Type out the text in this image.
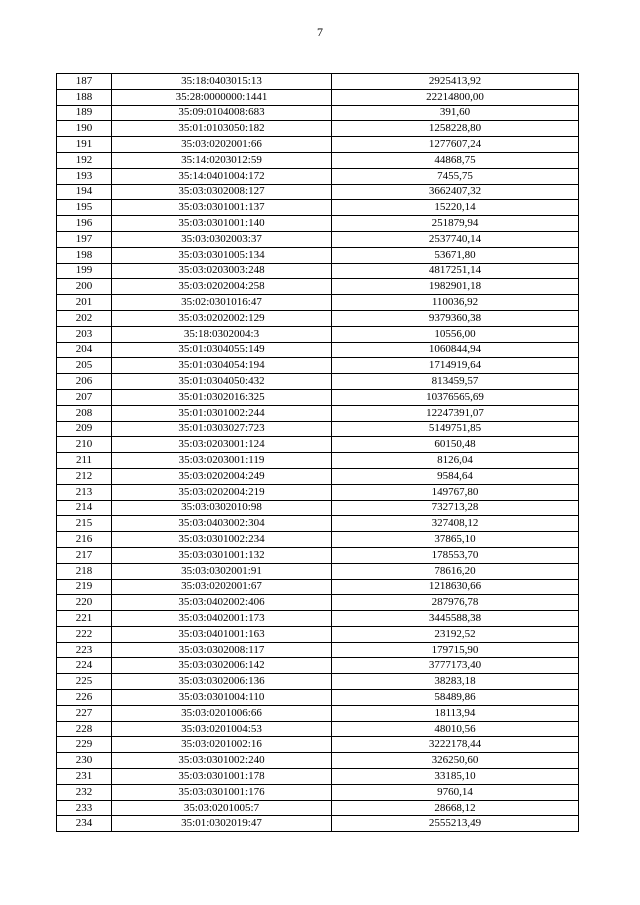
7
187	35:18:0403015:13	2925413,92
188	35:28:0000000:1441	22214800,00
189	35:09:0104008:683	391,60
190	35:01:0103050:182	1258228,80
191	35:03:0202001:66	1277607,24
192	35:14:0203012:59	44868,75
193	35:14:0401004:172	7455,75
194	35:03:0302008:127	3662407,32
195	35:03:0301001:137	15220,14
196	35:03:0301001:140	251879,94
197	35:03:0302003:37	2537740,14
198	35:03:0301005:134	53671,80
199	35:03:0203003:248	4817251,14
200	35:03:0202004:258	1982901,18
201	35:02:0301016:47	110036,92
202	35:03:0202002:129	9379360,38
203	35:18:0302004:3	10556,00
204	35:01:0304055:149	1060844,94
205	35:01:0304054:194	1714919,64
206	35:01:0304050:432	813459,57
207	35:01:0302016:325	10376565,69
208	35:01:0301002:244	12247391,07
209	35:01:0303027:723	5149751,85
210	35:03:0203001:124	60150,48
211	35:03:0203001:119	8126,04
212	35:03:0202004:249	9584,64
213	35:03:0202004:219	149767,80
214	35:03:0302010:98	732713,28
215	35:03:0403002:304	327408,12
216	35:03:0301002:234	37865,10
217	35:03:0301001:132	178553,70
218	35:03:0302001:91	78616,20
219	35:03:0202001:67	1218630,66
220	35:03:0402002:406	287976,78
221	35:03:0402001:173	3445588,38
222	35:03:0401001:163	23192,52
223	35:03:0302008:117	179715,90
224	35:03:0302006:142	3777173,40
225	35:03:0302006:136	38283,18
226	35:03:0301004:110	58489,86
227	35:03:0201006:66	18113,94
228	35:03:0201004:53	48010,56
229	35:03:0201002:16	3222178,44
230	35:03:0301002:240	326250,60
231	35:03:0301001:178	33185,10
232	35:03:0301001:176	9760,14
233	35:03:0201005:7	28668,12
234	35:01:0302019:47	2555213,49
